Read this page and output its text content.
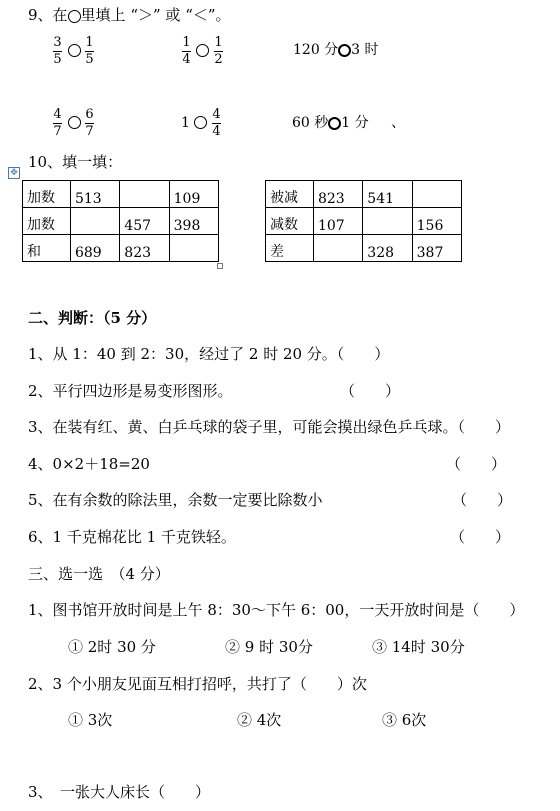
9、在 里填上 “＞” 或 “＜”。
3
5
1
5
1
4
1
2
120 分 3 时
4
7
6
7
1
4
4
60 秒 1 分 、
✥
10、填一填：
加数	513		109
加数		457	398
和	689	823	
被减	823	541	
减数	107		156
差		328	387
二、判断：（5 分）
1、从 1：40 到 2：30，经过了 2 时 20 分。（　　）
2、平行四边形是易变形图形。	（　　）
3、在装有红、黄、白乒乓球的袋子里，可能会摸出绿色乒乓球。（　　）
4、0×2＋18=20	（　　）
5、在有余数的除法里，余数一定要比除数小	（　　）
6、1 千克棉花比 1 千克铁轻。	（　　）
三、选一选　（4 分）
1、图书馆开放时间是上午 8：30～下午 6：00，一天开放时间是（　　）
① 2时 30 分	② 9 时 30分	③ 14时 30分
2、3 个小朋友见面互相打招呼，共打了（　　）次
① 3次	② 4次	③ 6次
3、　一张大人床长（　　）
